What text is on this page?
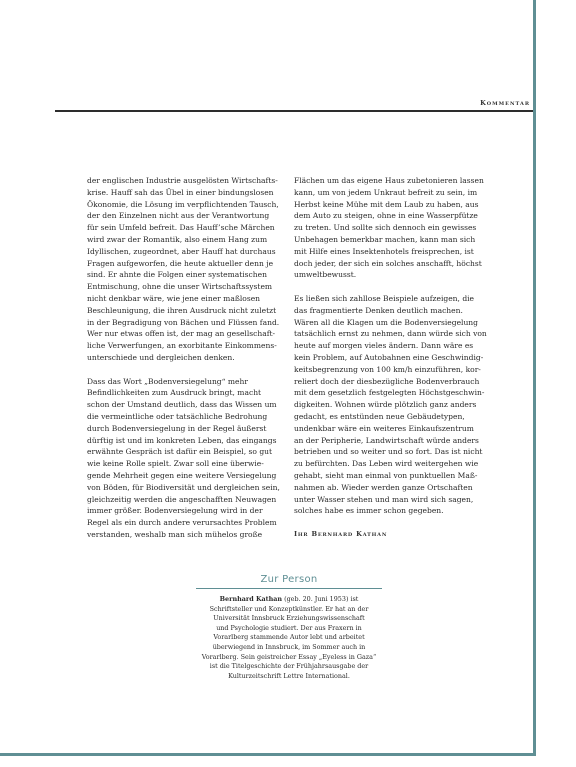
Kommentar

der englischen Industrie ausgelösten Wirtschafts-
krise. Hauff sah das Übel in einer bindungslosen
Ökonomie, die Lösung im verpflichtenden Tausch,
der den Einzelnen nicht aus der Verantwortung
für sein Umfeld befreit. Das Hauff’sche Märchen
wird zwar der Romantik, also einem Hang zum
Idyllischen, zugeordnet, aber Hauff hat durchaus
Fragen aufgeworfen, die heute aktueller denn je
sind. Er ahnte die Folgen einer systematischen
Entmischung, ohne die unser Wirtschaftssystem
nicht denkbar wäre, wie jene einer maßlosen
Beschleunigung, die ihren Ausdruck nicht zuletzt
in der Begradigung von Bächen und Flüssen fand.
Wer nur etwas offen ist, der mag an gesellschaft-
liche Verwerfungen, an exorbitante Einkommens-
unterschiede und dergleichen denken.

Dass das Wort „Bodenversiegelung“ mehr
Befindlichkeiten zum Ausdruck bringt, macht
schon der Umstand deutlich, dass das Wissen um
die vermeintliche oder tatsächliche Bedrohung
durch Bodenversiegelung in der Regel äußerst
dürftig ist und im konkreten Leben, das eingangs
erwähnte Gespräch ist dafür ein Beispiel, so gut
wie keine Rolle spielt. Zwar soll eine überwie-
gende Mehrheit gegen eine weitere Versiegelung
von Böden, für Biodiversität und dergleichen sein,
gleichzeitig werden die angeschafften Neuwagen
immer größer. Bodenversiegelung wird in der
Regel als ein durch andere verursachtes Problem
verstanden, weshalb man sich mühelos große

Flächen um das eigene Haus zubetonieren lassen
kann, um von jedem Unkraut befreit zu sein, im
Herbst keine Mühe mit dem Laub zu haben, aus
dem Auto zu steigen, ohne in eine Wasserpfütze
zu treten. Und sollte sich dennoch ein gewisses
Unbehagen bemerkbar machen, kann man sich
mit Hilfe eines Insektenhotels freisprechen, ist
doch jeder, der sich ein solches anschafft, höchst
umweltbewusst.

Es ließen sich zahllose Beispiele aufzeigen, die
das fragmentierte Denken deutlich machen.
Wären all die Klagen um die Bodenversiegelung
tatsächlich ernst zu nehmen, dann würde sich von
heute auf morgen vieles ändern. Dann wäre es
kein Problem, auf Autobahnen eine Geschwindig-
keitsbegrenzung von 100 km/h einzuführen, kor-
reliert doch der diesbezügliche Bodenverbrauch
mit dem gesetzlich festgelegten Höchstgeschwin-
digkeiten. Wohnen würde plötzlich ganz anders
gedacht, es entstünden neue Gebäudetypen,
undenkbar wäre ein weiteres Einkaufszentrum
an der Peripherie, Landwirtschaft würde anders
betrieben und so weiter und so fort. Das ist nicht
zu befürchten. Das Leben wird weitergehen wie
gehabt, sieht man einmal von punktuellen Maß-
nahmen ab. Wieder werden ganze Ortschaften
unter Wasser stehen und man wird sich sagen,
solches habe es immer schon gegeben.

Ihr Bernhard Kathan
Zur Person
Bernhard Kathan (geb. 20. Juni 1953) ist
Schriftsteller und Konzeptkünstler. Er hat an der
Universität Innsbruck Erziehungswissenschaft
und Psychologie studiert. Der aus Fraxern in
Vorarlberg stammende Autor lebt und arbeitet
überwiegend in Innsbruck, im Sommer auch in
Vorarlberg. Sein geistreicher Essay „Eyeless in Gaza“
ist die Titelgeschichte der Frühjahrsausgabe der
Kulturzeitschrift Lettre International.
